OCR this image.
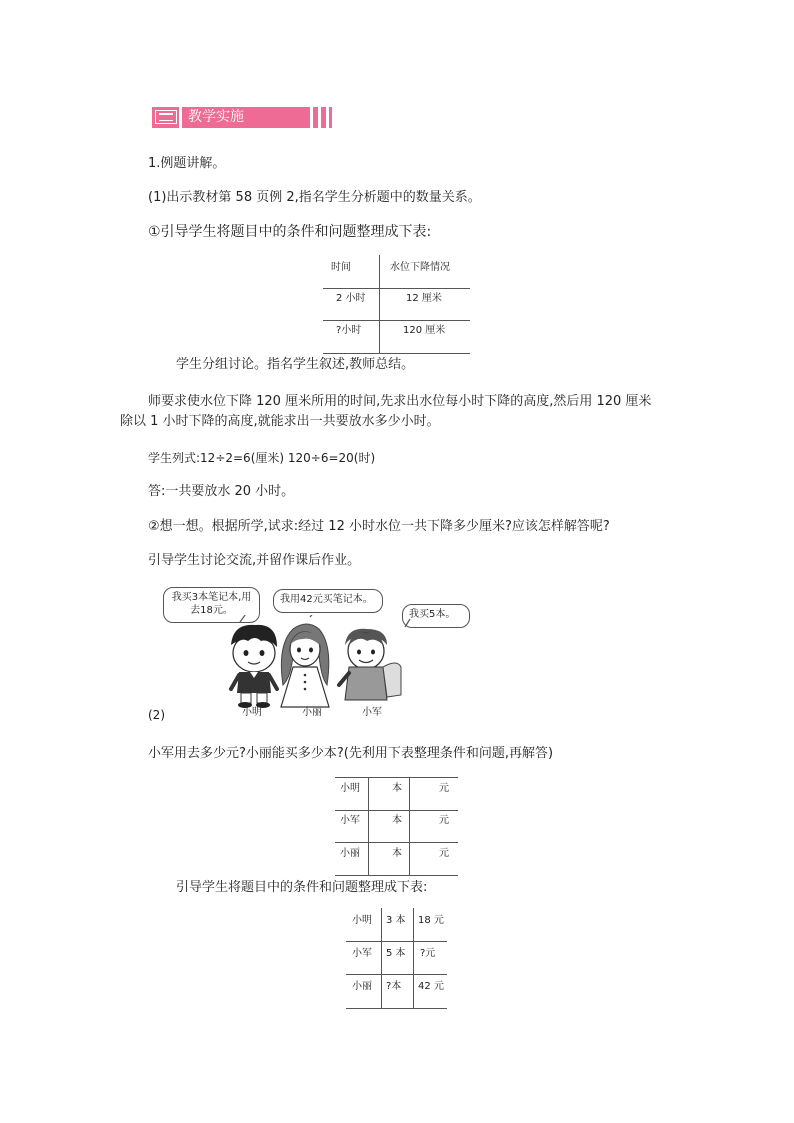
教学实施
1.例题讲解。
(1)出示教材第 58 页例 2,指名学生分析题中的数量关系。
①引导学生将题目中的条件和问题整理成下表:
时间	水位下降情况
2 小时	12 厘米
?小时	120 厘米
学生分组讨论。指名学生叙述,教师总结。
师要求使水位下降 120 厘米所用的时间,先求出水位每小时下降的高度,然后用 120 厘米
除以 1 小时下降的高度,就能求出一共要放水多少小时。
学生列式:12÷2=6(厘米) 120÷6=20(时)
答:一共要放水 20 小时。
②想一想。根据所学,试求:经过 12 小时水位一共下降多少厘米?应该怎样解答呢?
引导学生讨论交流,并留作课后作业。
我买3本笔记本,用去18元。
我用42元买笔记本。
我买5本。
(2)	小明	小丽	小军
小军用去多少元?小丽能买多少本?(先利用下表整理条件和问题,再解答)
小明	本	元
小军	本	元
小丽	本	元
引导学生将题目中的条件和问题整理成下表:
小明 3 本 18 元
小军 5 本 ?元
小丽 ?本 42 元
